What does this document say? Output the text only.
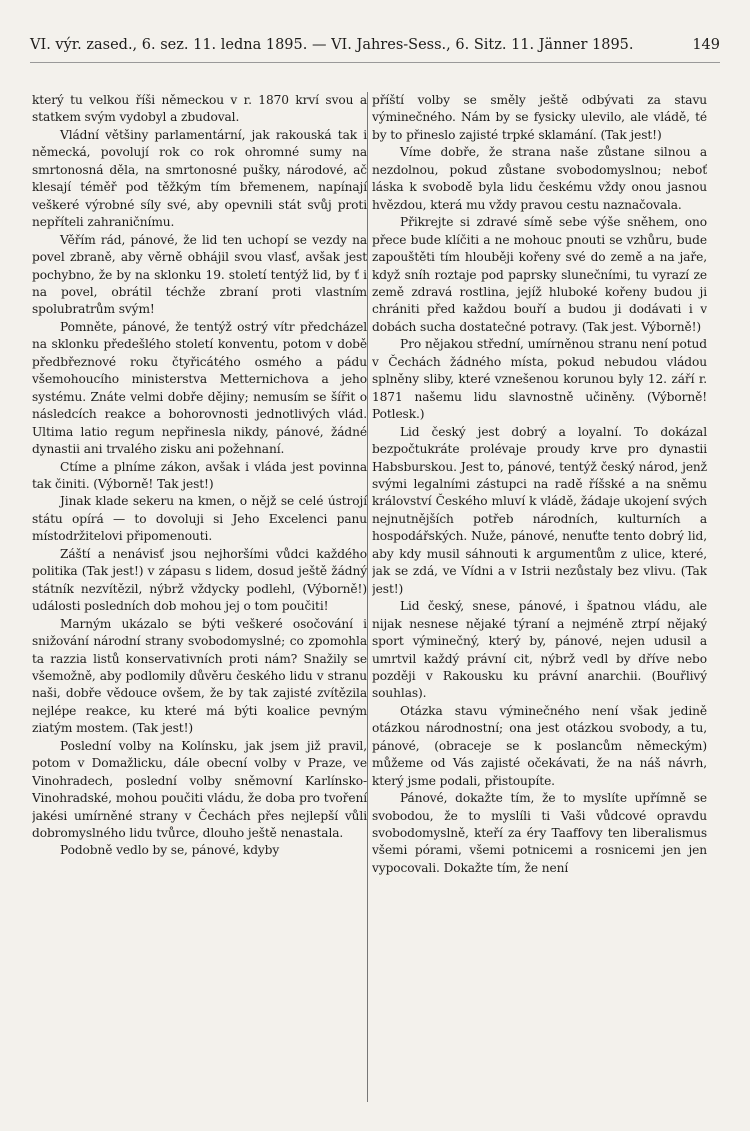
VI. výr. zased., 6. sez. 11. ledna 1895. — VI. Jahres-Sess., 6. Sitz. 11. Jänner 1895.	149

který tu velkou říši německou v r. 1870 krví svou a statkem svým vydobyl a zbudoval.

Vládní většiny parlamentární, jak rakouská tak i německá, povolují rok co rok ohromné sumy na smrtonosná děla, na smrtonosné pušky, národové, ač klesají téměř pod těžkým tím břemenem, napínají veškeré výrobné síly své, aby opevnili stát svůj proti nepříteli zahraničnímu.

Věřím rád, pánové, že lid ten uchopí se vezdy na povel zbraně, aby věrně obhájil svou vlasť, avšak jest pochybno, že by na sklonku 19. století tentýž lid, by ť i na povel, obrátil téchže zbraní proti vlastním spolubratrům svým!

Pomněte, pánové, že tentýž ostrý vítr předcházel na sklonku předešlého století konventu, potom v době předbřeznové roku čtyřicátého osmého a pádu všemohoucího ministerstva Metternichova a jeho systému. Znáte velmi dobře dějiny; nemusím se šířit o následcích reakce a bohorovnosti jednotlivých vlád. Ultima latio regum nepřinesla nikdy, pánové, žádné dynastii ani trvalého zisku ani požehnaní.

Ctíme a plníme zákon, avšak i vláda jest povinna tak činiti. (Výborně! Tak jest!)

Jinak klade sekeru na kmen, o nějž se celé ústrojí státu opírá — to dovoluji si Jeho Excelenci panu místodržitelovi připomenouti.

Záští a nenávisť jsou nejhoršími vůdci každého politika (Tak jest!) v zápasu s lidem, dosud ještě žádný státník nezvítězil, nýbrž vždycky podlehl, (Výborně!) události posledních dob mohou jej o tom poučiti!

Marným ukázalo se býti veškeré osočování i snižování národní strany svobodomyslné; co zpomohla ta razzia listů konservativních proti nám? Snažily se všemožně, aby podlomily důvěru českého lidu v stranu naši, dobře vědouce ovšem, že by tak zajisté zvítězila nejlépe reakce, ku které má býti koalice pevným ziatým mostem. (Tak jest!)

Poslední volby na Kolínsku, jak jsem již pravil, potom v Domažlicku, dále obecní volby v Praze, ve Vinohradech, poslední volby sněmovní Karlínsko-Vinohradské, mohou poučiti vládu, že doba pro tvoření jakési umírněné strany v Čechách přes nejlepší vůli dobromyslného lidu tvůrce, dlouho ještě nenastala.

Podobně vedlo by se, pánové, kdyby

příští volby se směly ještě odbývati za stavu výminečného. Nám by se fysicky ulevilo, ale vládě, té by to přineslo zajisté trpké sklamání. (Tak jest!)

Víme dobře, že strana naše zůstane silnou a nezdolnou, pokud zůstane svobodomyslnou; neboť láska k svobodě byla lidu českému vždy onou jasnou hvězdou, která mu vždy pravou cestu naznačovala.

Přikrejte si zdravé símě sebe výše sněhem, ono přece bude klíčiti a ne mohouc pnouti se vzhůru, bude zapouštěti tím hlouběji kořeny své do země a na jaře, když sníh roztaje pod paprsky slunečními, tu vyrazí ze země zdravá rostlina, jejíž hluboké kořeny budou ji chrániti před každou bouří a budou ji dodávati i v dobách sucha dostatečné potravy. (Tak jest. Výborně!)

Pro nějakou střední, umírněnou stranu není potud v Čechách žádného místa, pokud nebudou vládou splněny sliby, které vznešenou korunou byly 12. září r. 1871 našemu lidu slavnostně učiněny. (Výborně! Potlesk.)

Lid český jest dobrý a loyalní. To dokázal bezpočtukráte prolévaje proudy krve pro dynastii Habsburskou. Jest to, pánové, tentýž český národ, jenž svými legalními zástupci na radě říšské a na sněmu království Českého mluví k vládě, žádaje ukojení svých nejnutnějších potřeb národních, kulturních a hospodářských. Nuže, pánové, nenuťte tento dobrý lid, aby kdy musil sáhnouti k argumentům z ulice, které, jak se zdá, ve Vídni a v Istrii nezůstaly bez vlivu. (Tak jest!)

Lid český, snese, pánové, i špatnou vládu, ale nijak nesnese nějaké týraní a nejméně ztrpí nějaký sport výminečný, který by, pánové, nejen udusil a umrtvil každý právní cit, nýbrž vedl by dříve nebo později v Rakousku ku právní anarchii. (Bouřlivý souhlas).

Otázka stavu výminečného není však jedině otázkou národnostní; ona jest otázkou svobody, a tu, pánové, (obraceje se k poslancům německým) můžeme od Vás zajisté očekávati, že na náš návrh, který jsme podali, přistoupíte.

Pánové, dokažte tím, že to myslíte upřímně se svobodou, že to myslíli ti Vaši vůdcové opravdu svobodomyslně, kteří za éry Taaffovy ten liberalismus všemi pórami, všemi potnicemi a rosnicemi jen jen vypocovali. Dokažte tím, že není
